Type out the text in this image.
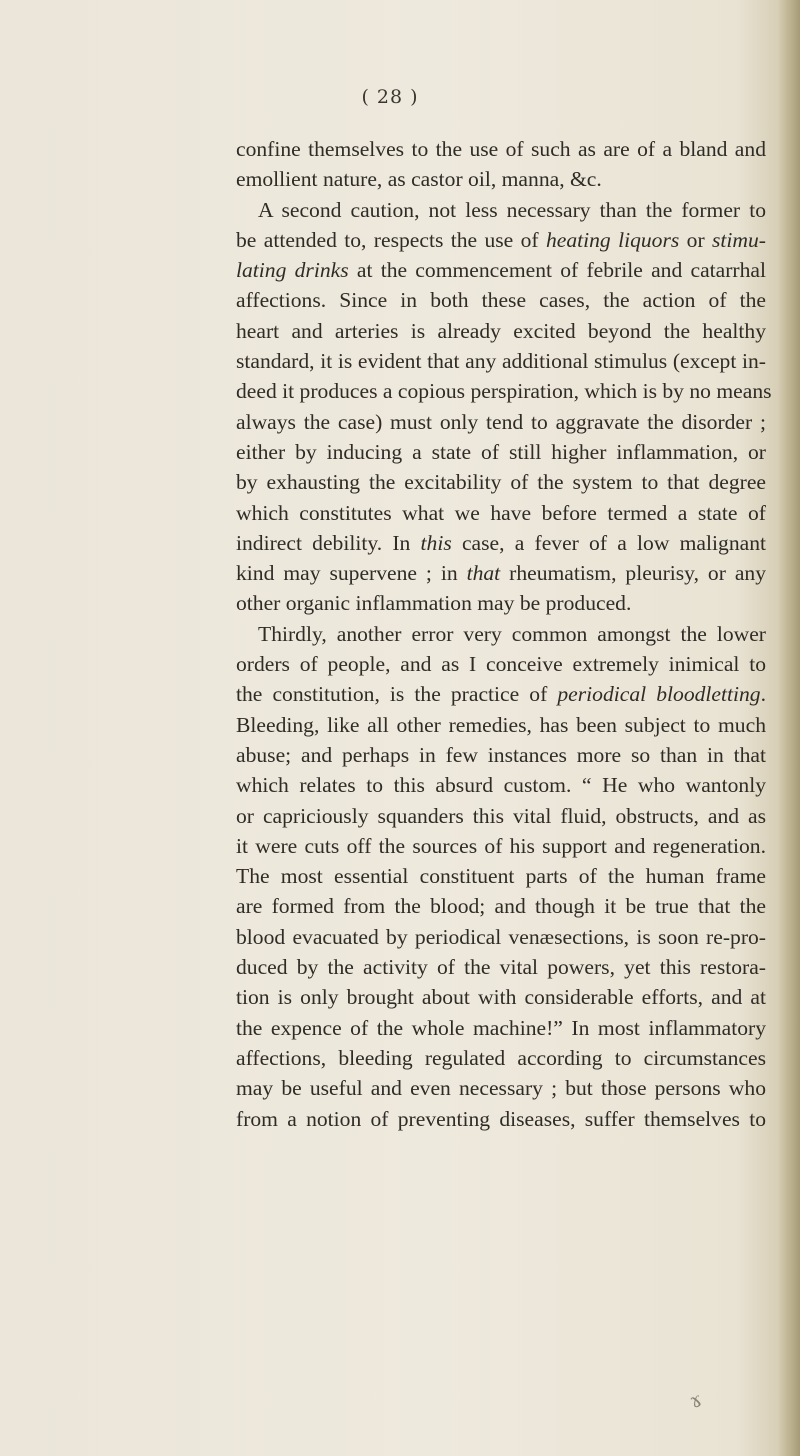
( 28 )
confine themselves to the use of such as are of a bland and
emollient nature, as castor oil, manna, &c.
A second caution, not less necessary than the former to
be attended to, respects the use of heating liquors or stimu-
lating drinks at the commencement of febrile and catarrhal
affections. Since in both these cases, the action of the
heart and arteries is already excited beyond the healthy
standard, it is evident that any additional stimulus (except in-
deed it produces a copious perspiration, which is by no means
always the case) must only tend to aggravate the disorder ;
either by inducing a state of still higher inflammation, or
by exhausting the excitability of the system to that degree
which constitutes what we have before termed a state of
indirect debility. In this case, a fever of a low malignant
kind may supervene ; in that rheumatism, pleurisy, or any
other organic inflammation may be produced.
Thirdly, another error very common amongst the lower
orders of people, and as I conceive extremely inimical to
the constitution, is the practice of periodical bloodletting.
Bleeding, like all other remedies, has been subject to much
abuse; and perhaps in few instances more so than in that
which relates to this absurd custom. “ He who wantonly
or capriciously squanders this vital fluid, obstructs, and as
it were cuts off the sources of his support and regeneration.
The most essential constituent parts of the human frame
are formed from the blood; and though it be true that the
blood evacuated by periodical venæsections, is soon re-pro-
duced by the activity of the vital powers, yet this restora-
tion is only brought about with considerable efforts, and at
the expence of the whole machine!” In most inflammatory
affections, bleeding regulated according to circumstances
may be useful and even necessary ; but those persons who
from a notion of preventing diseases, suffer themselves to
ɤ
